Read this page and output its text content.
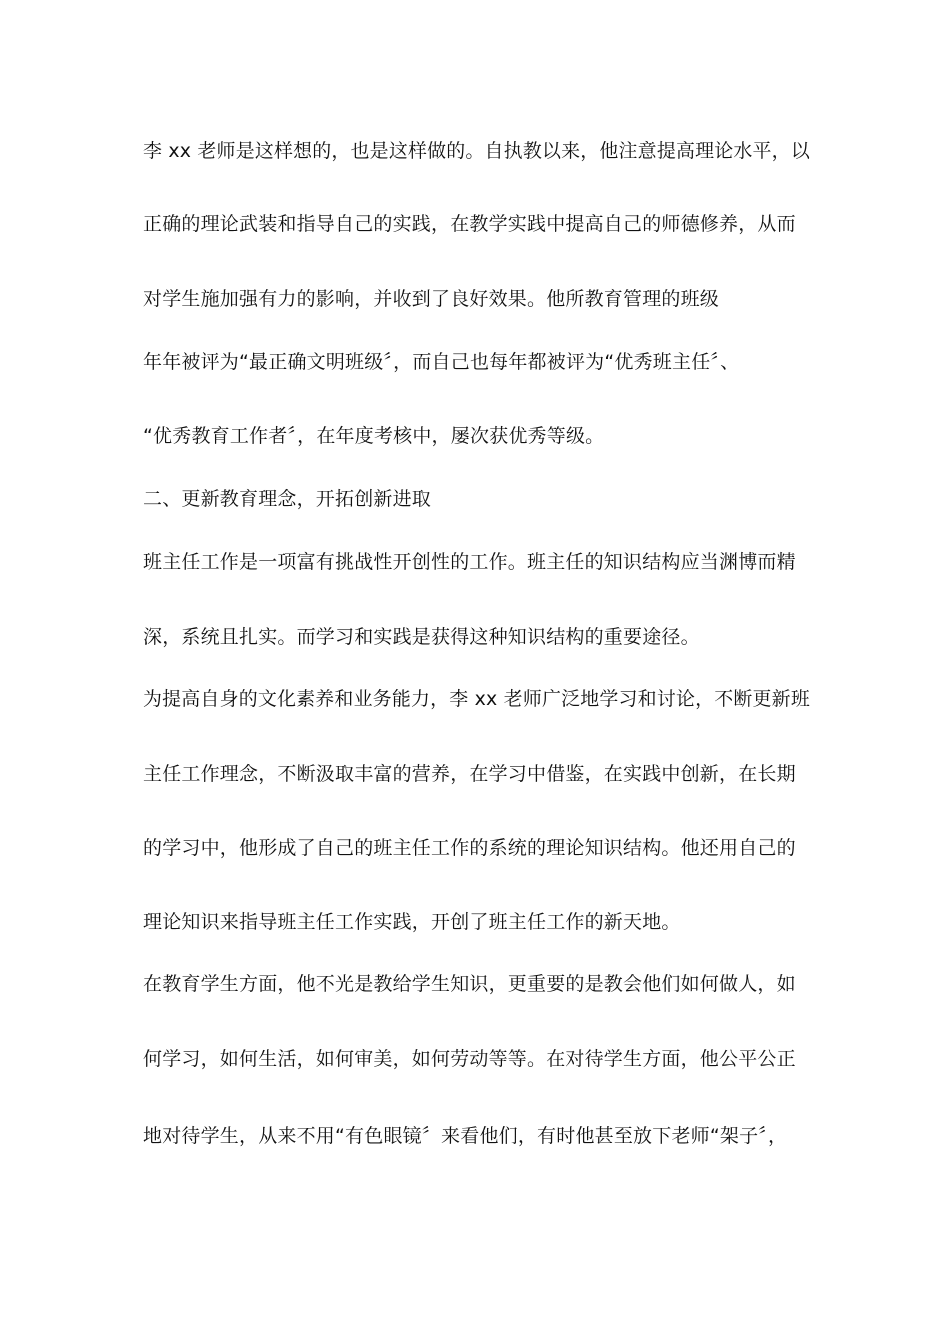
李 xx 老师是这样想的，也是这样做的。自执教以来，他注意提高理论水平，以
正确的理论武装和指导自己的实践，在教学实践中提高自己的师德修养，从而
对学生施加强有力的影响，并收到了良好效果。他所教育管理的班级
年年被评为“最正确文明班级〞，而自己也每年都被评为“优秀班主任〞、
“优秀教育工作者〞，在年度考核中，屡次获优秀等级。
二、更新教育理念，开拓创新进取
班主任工作是一项富有挑战性开创性的工作。班主任的知识结构应当渊博而精
深，系统且扎实。而学习和实践是获得这种知识结构的重要途径。
为提高自身的文化素养和业务能力，李 xx 老师广泛地学习和讨论，不断更新班
主任工作理念，不断汲取丰富的营养，在学习中借鉴，在实践中创新，在长期
的学习中，他形成了自己的班主任工作的系统的理论知识结构。他还用自己的
理论知识来指导班主任工作实践，开创了班主任工作的新天地。
在教育学生方面，他不光是教给学生知识，更重要的是教会他们如何做人，如
何学习，如何生活，如何审美，如何劳动等等。在对待学生方面，他公平公正
地对待学生，从来不用“有色眼镜〞来看他们，有时他甚至放下老师“架子〞，
